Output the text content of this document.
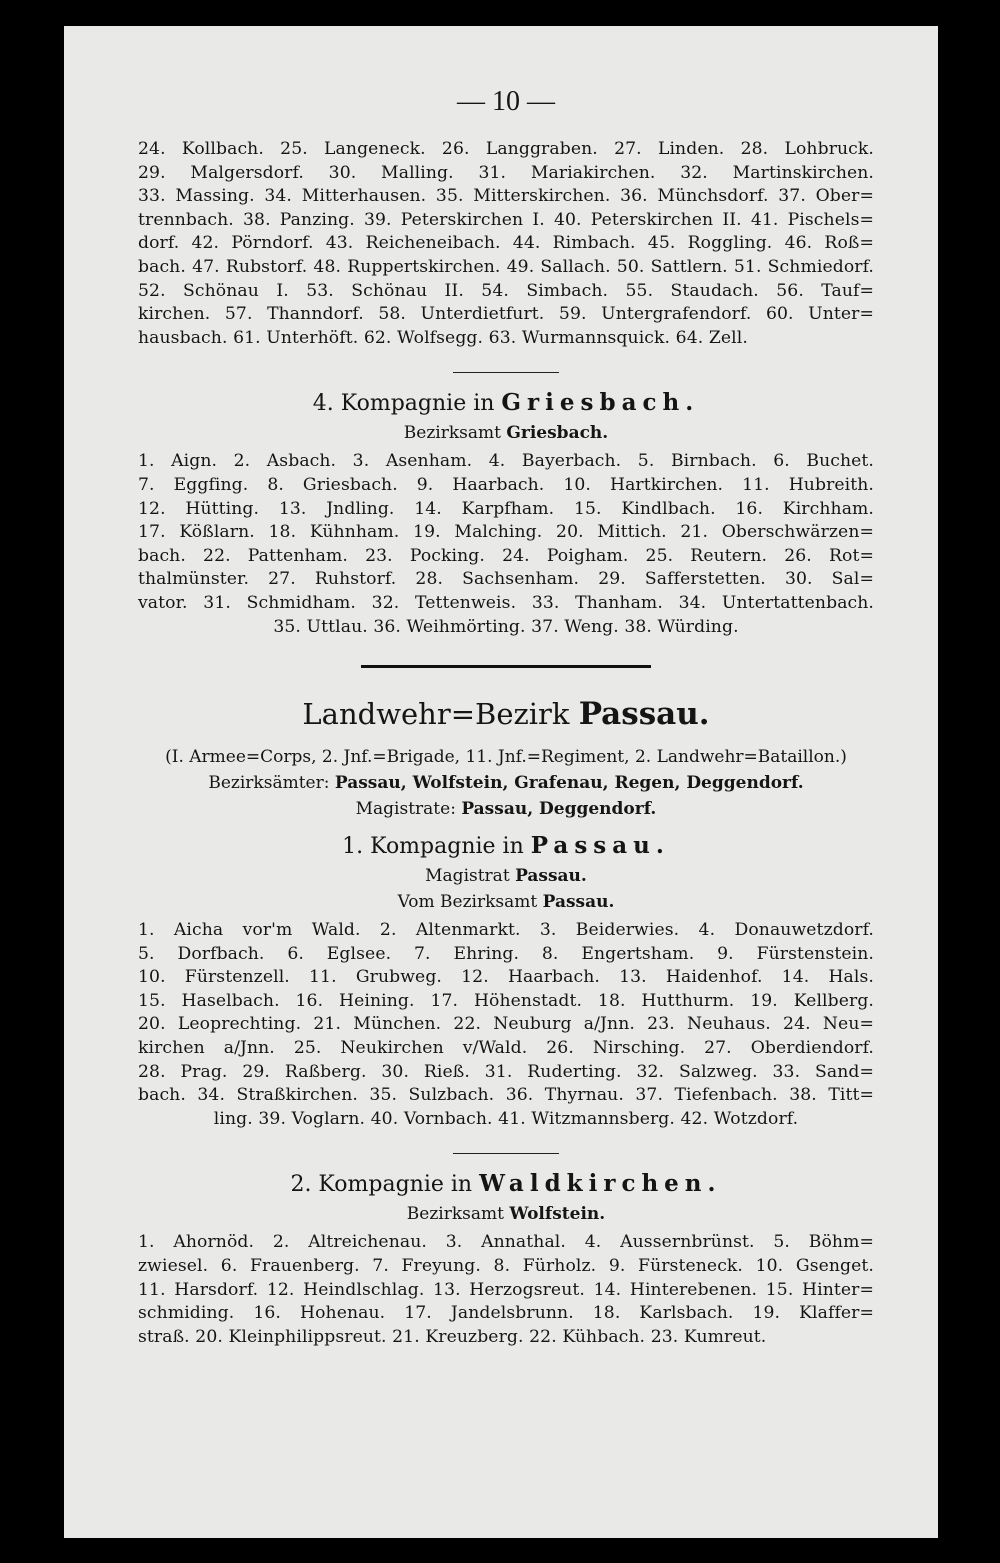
— 10 —
24. Kollbach. 25. Langeneck. 26. Langgraben. 27. Linden. 28. Lohbruck.
29. Malgersdorf. 30. Malling. 31. Mariakirchen. 32. Martinskirchen.
33. Massing. 34. Mitterhausen. 35. Mitterskirchen. 36. Münchsdorf. 37. Ober=
trennbach. 38. Panzing. 39. Peterskirchen I. 40. Peterskirchen II. 41. Pischels=
dorf. 42. Pörndorf. 43. Reicheneibach. 44. Rimbach. 45. Roggling. 46. Roß=
bach. 47. Rubstorf. 48. Ruppertskirchen. 49. Sallach. 50. Sattlern. 51. Schmiedorf.
52. Schönau I. 53. Schönau II. 54. Simbach. 55. Staudach. 56. Tauf=
kirchen. 57. Thanndorf. 58. Unterdietfurt. 59. Untergrafendorf. 60. Unter=
hausbach. 61. Unterhöft. 62. Wolfsegg. 63. Wurmannsquick. 64. Zell.
4. Kompagnie in Griesbach.
Bezirksamt Griesbach.
1. Aign. 2. Asbach. 3. Asenham. 4. Bayerbach. 5. Birnbach. 6. Buchet.
7. Eggfing. 8. Griesbach. 9. Haarbach. 10. Hartkirchen. 11. Hubreith.
12. Hütting. 13. Jndling. 14. Karpfham. 15. Kindlbach. 16. Kirchham.
17. Kößlarn. 18. Kühnham. 19. Malching. 20. Mittich. 21. Oberschwärzen=
bach. 22. Pattenham. 23. Pocking. 24. Poigham. 25. Reutern. 26. Rot=
thalmünster. 27. Ruhstorf. 28. Sachsenham. 29. Safferstetten. 30. Sal=
vator. 31. Schmidham. 32. Tettenweis. 33. Thanham. 34. Untertattenbach.
35. Uttlau. 36. Weihmörting. 37. Weng. 38. Würding.
Landwehr=Bezirk Passau.
(I. Armee=Corps, 2. Jnf.=Brigade, 11. Jnf.=Regiment, 2. Landwehr=Bataillon.)
Bezirksämter: Passau, Wolfstein, Grafenau, Regen, Deggendorf.
Magistrate: Passau, Deggendorf.
1. Kompagnie in Passau.
Magistrat Passau.
Vom Bezirksamt Passau.
1. Aicha vor'm Wald. 2. Altenmarkt. 3. Beiderwies. 4. Donauwetzdorf.
5. Dorfbach. 6. Eglsee. 7. Ehring. 8. Engertsham. 9. Fürstenstein.
10. Fürstenzell. 11. Grubweg. 12. Haarbach. 13. Haidenhof. 14. Hals.
15. Haselbach. 16. Heining. 17. Höhenstadt. 18. Hutthurm. 19. Kellberg.
20. Leoprechting. 21. München. 22. Neuburg a/Jnn. 23. Neuhaus. 24. Neu=
kirchen a/Jnn. 25. Neukirchen v/Wald. 26. Nirsching. 27. Oberdiendorf.
28. Prag. 29. Raßberg. 30. Rieß. 31. Ruderting. 32. Salzweg. 33. Sand=
bach. 34. Straßkirchen. 35. Sulzbach. 36. Thyrnau. 37. Tiefenbach. 38. Titt=
ling. 39. Voglarn. 40. Vornbach. 41. Witzmannsberg. 42. Wotzdorf.
2. Kompagnie in Waldkirchen.
Bezirksamt Wolfstein.
1. Ahornöd. 2. Altreichenau. 3. Annathal. 4. Aussernbrünst. 5. Böhm=
zwiesel. 6. Frauenberg. 7. Freyung. 8. Fürholz. 9. Fürsteneck. 10. Gsenget.
11. Harsdorf. 12. Heindlschlag. 13. Herzogsreut. 14. Hinterebenen. 15. Hinter=
schmiding. 16. Hohenau. 17. Jandelsbrunn. 18. Karlsbach. 19. Klaffer=
straß. 20. Kleinphilippsreut. 21. Kreuzberg. 22. Kühbach. 23. Kumreut.
